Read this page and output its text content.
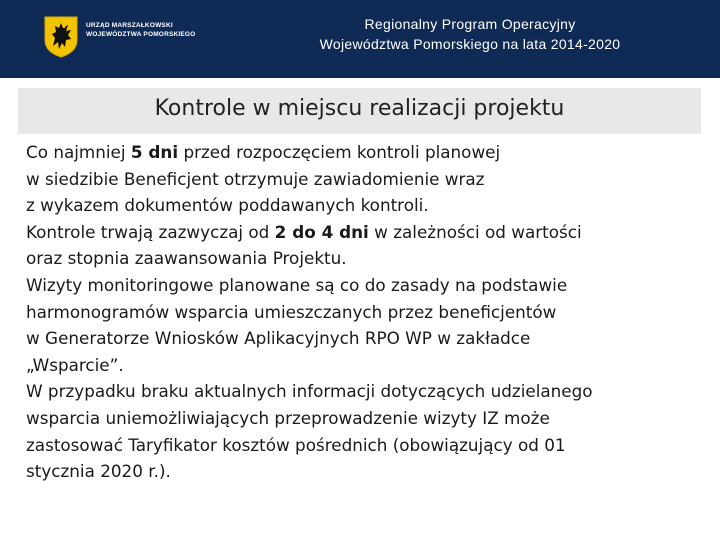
URZĄD MARSZAŁKOWSKI
WOJEWÓDZTWA POMORSKIEGO
Regionalny Program Operacyjny
Województwa Pomorskiego na lata 2014-2020
Kontrole w miejscu realizacji projektu
Co najmniej 5 dni przed rozpoczęciem kontroli planowej
w siedzibie Beneficjent otrzymuje zawiadomienie wraz
z wykazem dokumentów poddawanych kontroli.
Kontrole trwają zazwyczaj od 2 do 4 dni w zależności od wartości
oraz stopnia zaawansowania Projektu.
Wizyty monitoringowe planowane są co do zasady na podstawie
harmonogramów wsparcia umieszczanych przez beneficjentów
w Generatorze Wniosków Aplikacyjnych RPO WP w zakładce
„Wsparcie”.
W przypadku braku aktualnych informacji dotyczących udzielanego
wsparcia uniemożliwiających przeprowadzenie wizyty IZ może
zastosować Taryfikator kosztów pośrednich (obowiązujący od 01
stycznia 2020 r.).
